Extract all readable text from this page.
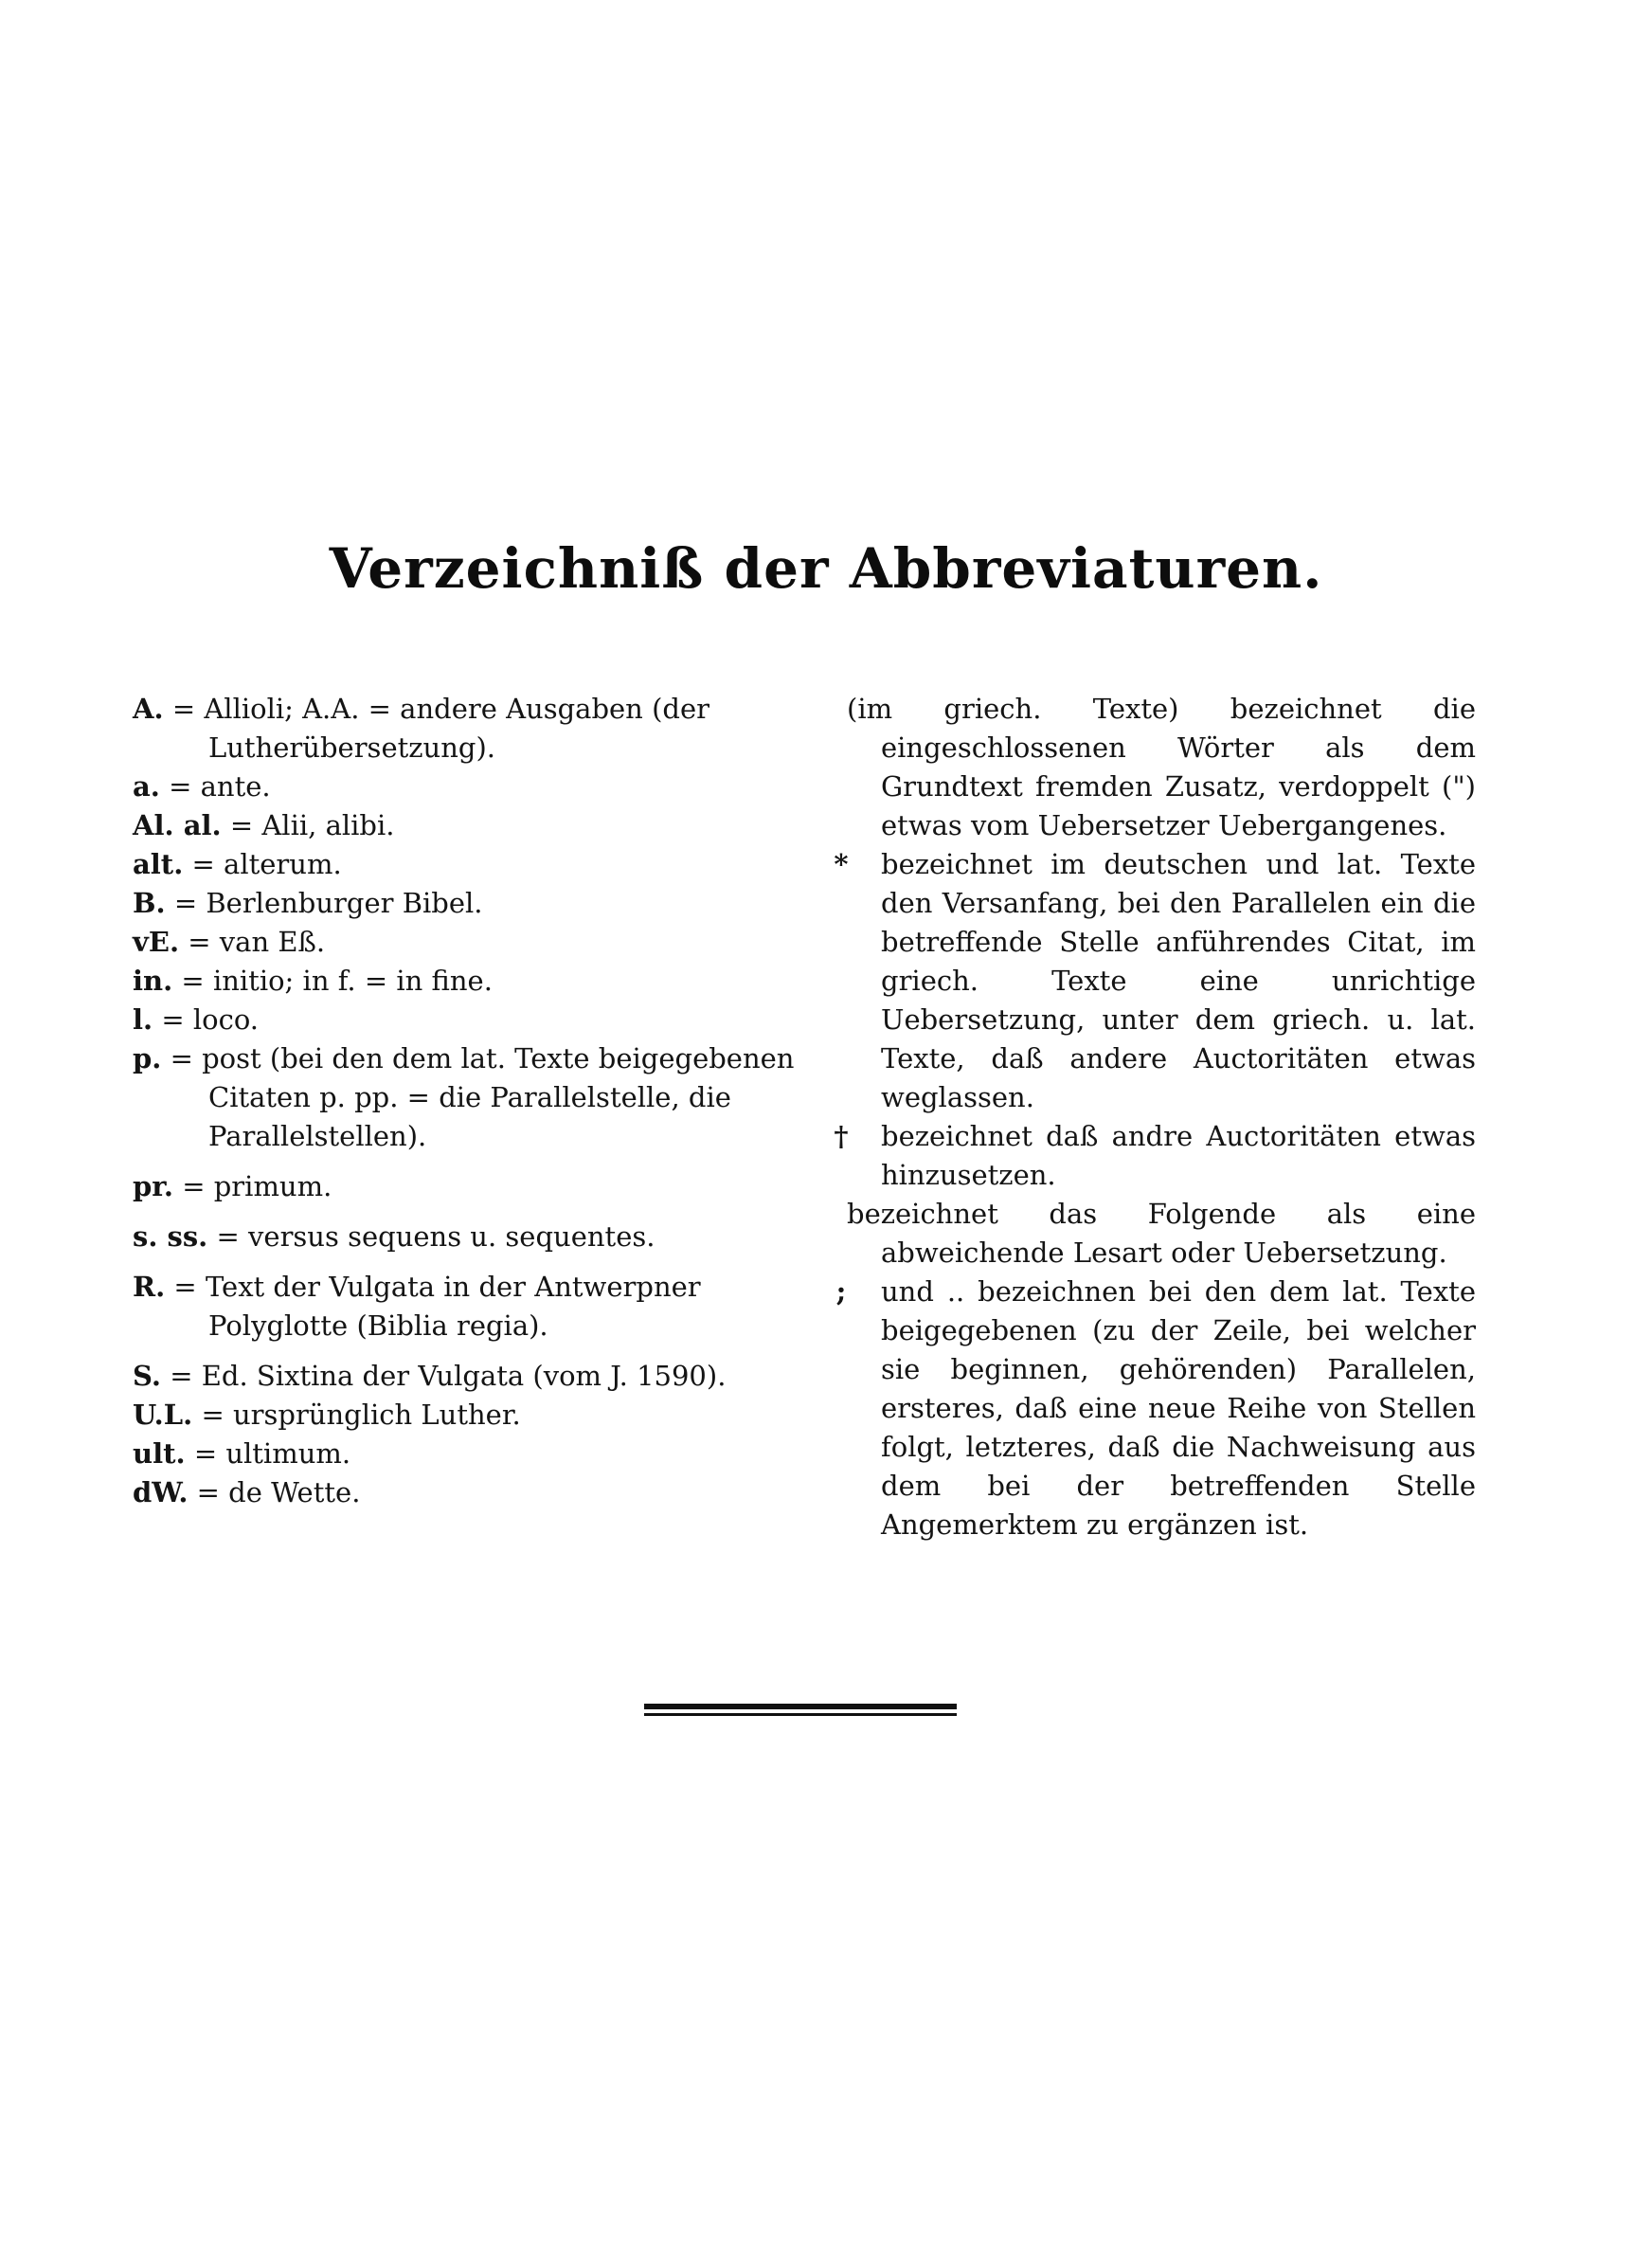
Verzeichniß der Abbreviaturen.
A. = Allioli; A.A. = andere Ausgaben (der Lutherübersetzung).
a. = ante.
Al. al. = Alii, alibi.
alt. = alterum.
B. = Berlenburger Bibel.
vE. = van Eß.
in. = initio; in f. = in fine.
l. = loco.
p. = post (bei den dem lat. Texte beigegebenen Citaten p. pp. = die Parallelstelle, die Parallelstellen).
pr. = primum.
s. ss. = versus sequens u. sequentes.
R. = Text der Vulgata in der Antwerpner Polyglotte (Biblia regia).
S. = Ed. Sixtina der Vulgata (vom J. 1590).
U.L. = ursprünglich Luther.
ult. = ultimum.
dW. = de Wette.
(im griech. Texte) bezeichnet die eingeschlossenen Wörter als dem Grundtext fremden Zusatz, verdoppelt (") etwas vom Uebersetzer Uebergangenes.
*	bezeichnet im deutschen und lat. Texte den Versanfang, bei den Parallelen ein die betreffende Stelle anführendes Citat, im griech. Texte eine unrichtige Uebersetzung, unter dem griech. u. lat. Texte, daß andere Auctoritäten etwas weglassen.
†	bezeichnet daß andre Auctoritäten etwas hinzusetzen.
bezeichnet das Folgende als eine abweichende Lesart oder Uebersetzung.
;	und .. bezeichnen bei den dem lat. Texte beigegebenen (zu der Zeile, bei welcher sie beginnen, gehörenden) Parallelen, ersteres, daß eine neue Reihe von Stellen folgt, letzteres, daß die Nachweisung aus dem bei der betreffenden Stelle Angemerktem zu ergänzen ist.
